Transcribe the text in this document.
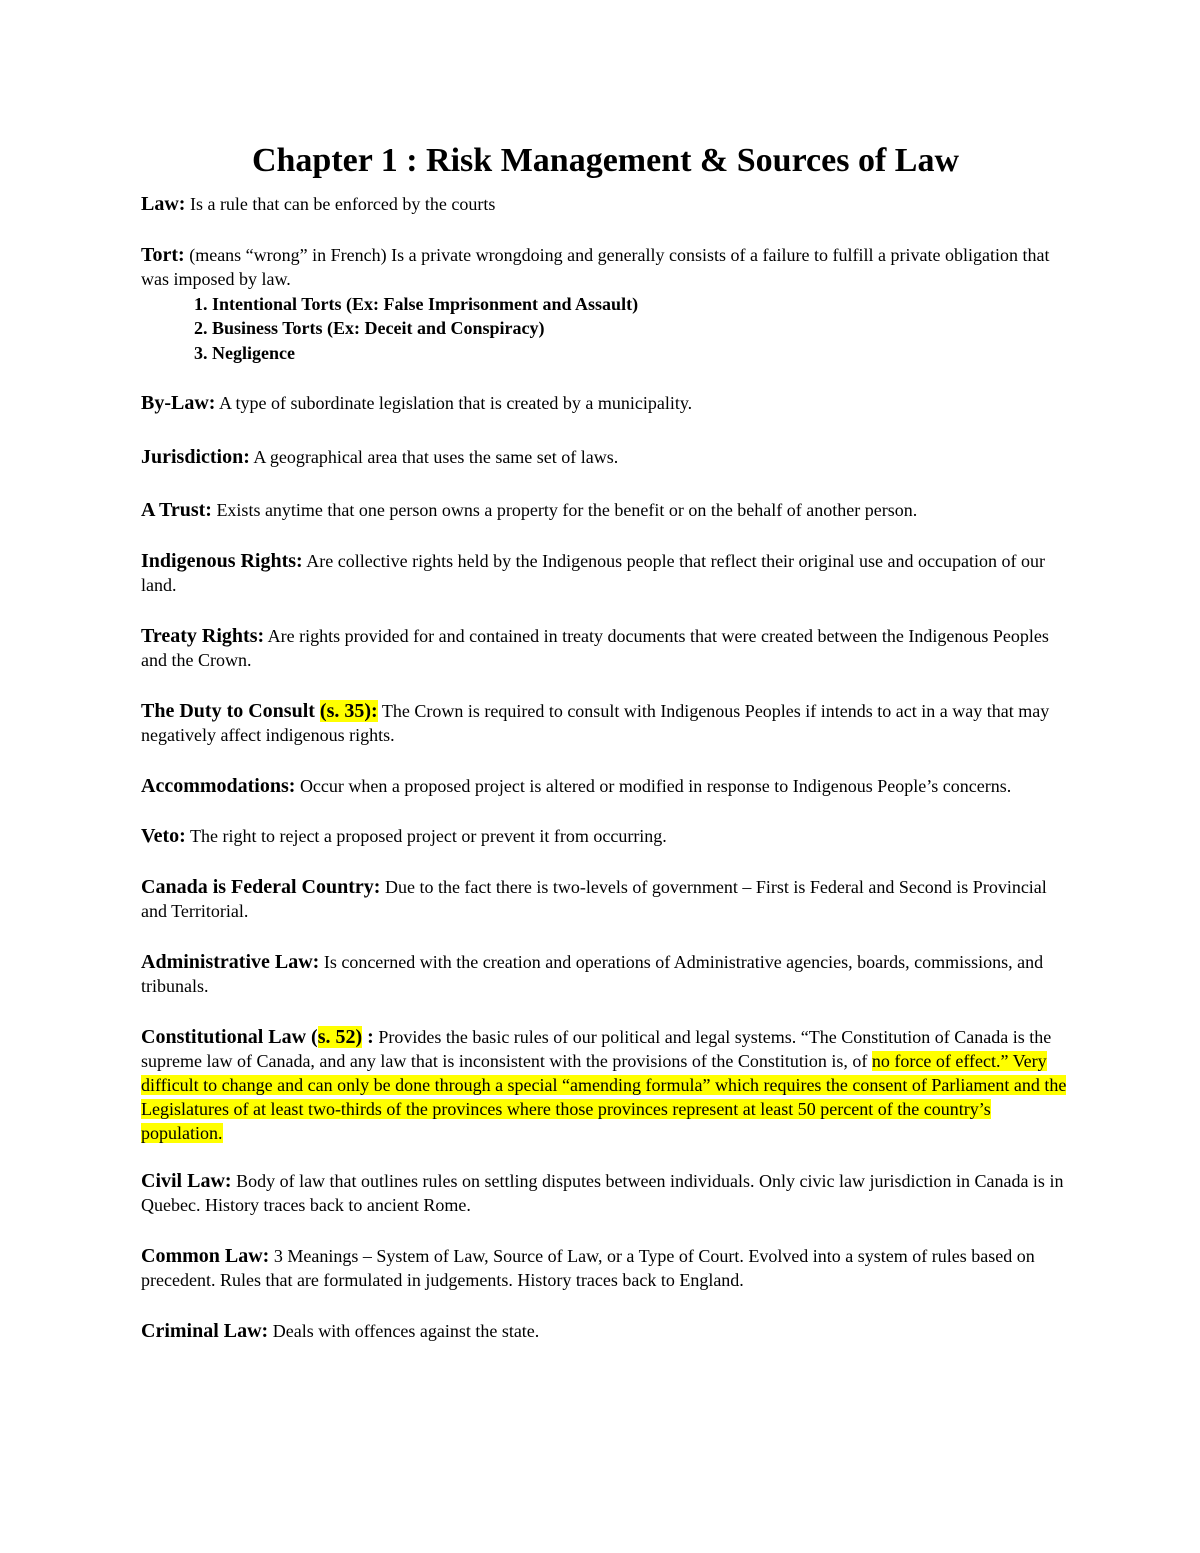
Chapter 1 : Risk Management & Sources of Law

Law: Is a rule that can be enforced by the courts

Tort: (means “wrong” in French) Is a private wrongdoing and generally consists of a failure to fulfill a private obligation that was imposed by law.

1. Intentional Torts (Ex: False Imprisonment and Assault)
2. Business Torts (Ex: Deceit and Conspiracy)
3. Negligence

By-Law: A type of subordinate legislation that is created by a municipality.

Jurisdiction: A geographical area that uses the same set of laws.

A Trust: Exists anytime that one person owns a property for the benefit or on the behalf of another person.

Indigenous Rights: Are collective rights held by the Indigenous people that reflect their original use and occupation of our land.

Treaty Rights: Are rights provided for and contained in treaty documents that were created between the Indigenous Peoples and the Crown.

The Duty to Consult (s. 35): The Crown is required to consult with Indigenous Peoples if intends to act in a way that may negatively affect indigenous rights.

Accommodations: Occur when a proposed project is altered or modified in response to Indigenous People’s concerns.

Veto: The right to reject a proposed project or prevent it from occurring.

Canada is Federal Country: Due to the fact there is two-levels of government – First is Federal and Second is Provincial and Territorial.

Administrative Law: Is concerned with the creation and operations of Administrative agencies, boards, commissions, and tribunals.

Constitutional Law (s. 52) : Provides the basic rules of our political and legal systems. “The Constitution of Canada is the supreme law of Canada, and any law that is inconsistent with the provisions of the Constitution is, of no force of effect.” Very difficult to change and can only be done through a special “amending formula” which requires the consent of Parliament and the Legislatures of at least two-thirds of the provinces where those provinces represent at least 50 percent of the country’s population.

Civil Law: Body of law that outlines rules on settling disputes between individuals. Only civic law jurisdiction in Canada is in Quebec. History traces back to ancient Rome.

Common Law: 3 Meanings – System of Law, Source of Law, or a Type of Court. Evolved into a system of rules based on precedent. Rules that are formulated in judgements. History traces back to England.

Criminal Law: Deals with offences against the state.
